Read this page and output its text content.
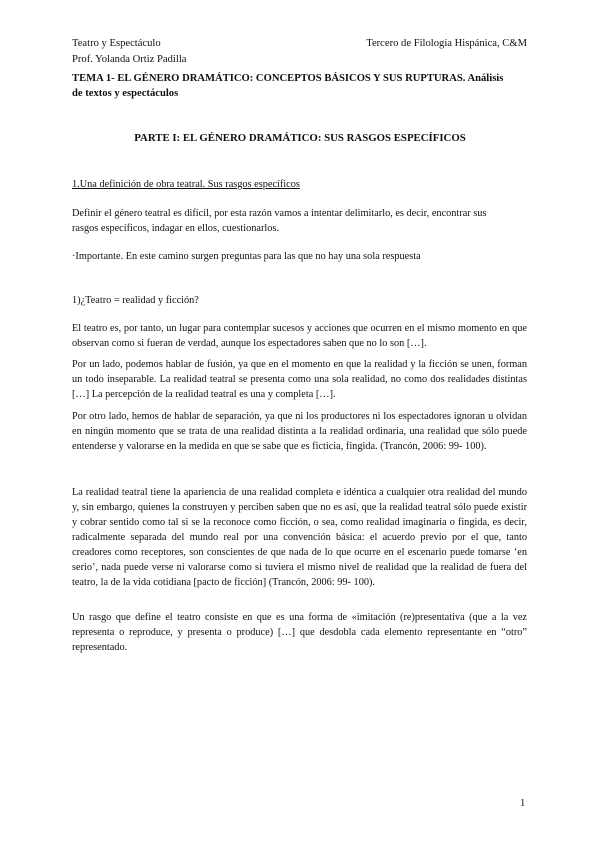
Teatro y Espectáculo	Tercero de Filología Hispánica, C&M
Prof. Yolanda Ortiz Padilla
TEMA 1- EL GÉNERO DRAMÁTICO: CONCEPTOS BÁSICOS Y SUS RUPTURAS. Análisis
de textos y espectáculos
PARTE I: EL GÉNERO DRAMÁTICO: SUS RASGOS ESPECÍFICOS
1.Una definición de obra teatral. Sus rasgos específicos
Definir el género teatral es difícil, por esta razón vamos a intentar delimitarlo, es decir, encontrar sus
rasgos específicos, indagar en ellos, cuestionarlos.
·Importante. En este camino surgen preguntas para las que no hay una sola respuesta
1)¿Teatro = realidad y ficción?
El teatro es, por tanto, un lugar para contemplar sucesos y acciones que ocurren en el mismo momento en que observan como si fueran de verdad, aunque los espectadores saben que no lo son […].
Por un lado, podemos hablar de fusión, ya que en el momento en que la realidad y la ficción se unen, forman un todo inseparable. La realidad teatral se presenta como una sola realidad, no como dos realidades distintas […] La percepción de la realidad teatral es una y completa […].
Por otro lado, hemos de hablar de separación, ya que ni los productores ni los espectadores ignoran u olvidan en ningún momento que se trata de una realidad distinta a la realidad ordinaria, una realidad que sólo puede entenderse y valorarse en la medida en que se sabe que es ficticia, fingida. (Trancón, 2006: 99- 100).
La realidad teatral tiene la apariencia de una realidad completa e idéntica a cualquier otra realidad del mundo y, sin embargo, quienes la construyen y perciben saben que no es así, que la realidad teatral sólo puede existir y cobrar sentido como tal si se la reconoce como ficción, o sea, como realidad imaginaria o fingida, es decir, radicalmente separada del mundo real por una convención básica: el acuerdo previo por el que, tanto creadores como receptores, son conscientes de que nada de lo que ocurre en el escenario puede tomarse ‘en serio’, nada puede verse ni valorarse como si tuviera el mismo nivel de realidad que la realidad de fuera del teatro, la de la vida cotidiana [pacto de ficción] (Trancón, 2006: 99- 100).
Un rasgo que define el teatro consiste en que es una forma de «imitación (re)presentativa (que a la vez representa o reproduce, y presenta o produce) […] que desdobla cada elemento representante en “otro” representado.
1
